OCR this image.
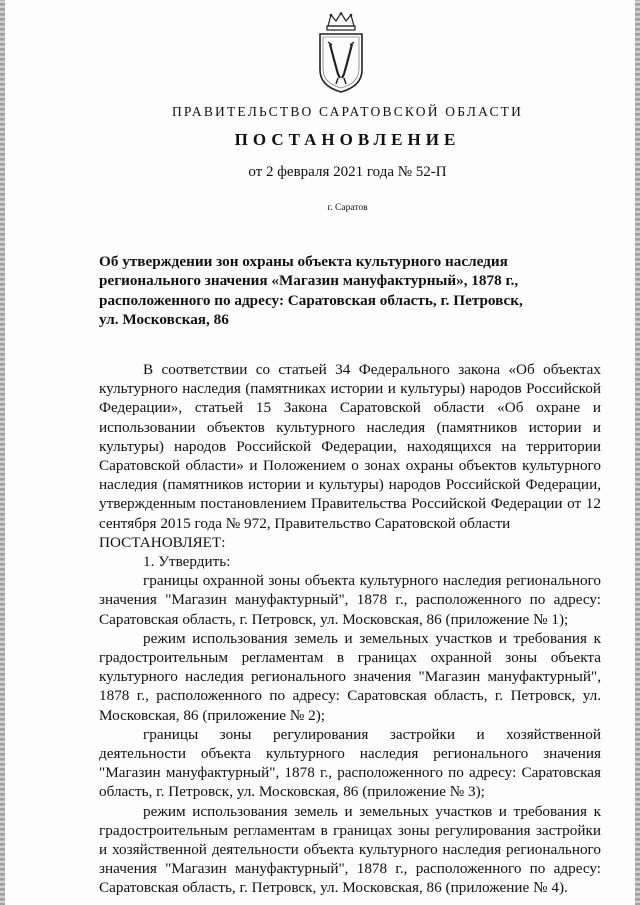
ПРАВИТЕЛЬСТВО САРАТОВСКОЙ ОБЛАСТИ
ПОСТАНОВЛЕНИЕ
от 2 февраля 2021 года № 52-П
г. Саратов
Об утверждении зон охраны объекта культурного наследия регионального значения «Магазин мануфактурный», 1878 г., расположенного по адресу: Саратовская область, г. Петровск, ул. Московская, 86

В соответствии со статьей 34 Федерального закона «Об объектах культурного наследия (памятниках истории и культуры) народов Российской Федерации», статьей 15 Закона Саратовской области «Об охране и использовании объектов культурного наследия (памятников истории и культуры) народов Российской Федерации, находящихся на территории Саратовской области» и Положением о зонах охраны объектов культурного наследия (памятников истории и культуры) народов Российской Федерации, утвержденным постановлением Правительства Российской Федерации от 12 сентября 2015 года № 972, Правительство Саратовской области

ПОСТАНОВЛЯЕТ:

1. Утвердить:

границы охранной зоны объекта культурного наследия регионального значения "Магазин мануфактурный", 1878 г., расположенного по адресу: Саратовская область, г. Петровск, ул. Московская, 86 (приложение № 1);

режим использования земель и земельных участков и требования к градостроительным регламентам в границах охранной зоны объекта культурного наследия регионального значения "Магазин мануфактурный", 1878 г., расположенного по адресу: Саратовская область, г. Петровск, ул. Московская, 86 (приложение № 2);

границы зоны регулирования застройки и хозяйственной деятельности объекта культурного наследия регионального значения "Магазин мануфактурный", 1878 г., расположенного по адресу: Саратовская область, г. Петровск, ул. Московская, 86 (приложение № 3);

режим использования земель и земельных участков и требования к градостроительным регламентам в границах зоны регулирования застройки и хозяйственной деятельности объекта культурного наследия регионального значения "Магазин мануфактурный", 1878 г., расположенного по адресу: Саратовская область, г. Петровск, ул. Московская, 86 (приложение № 4).
